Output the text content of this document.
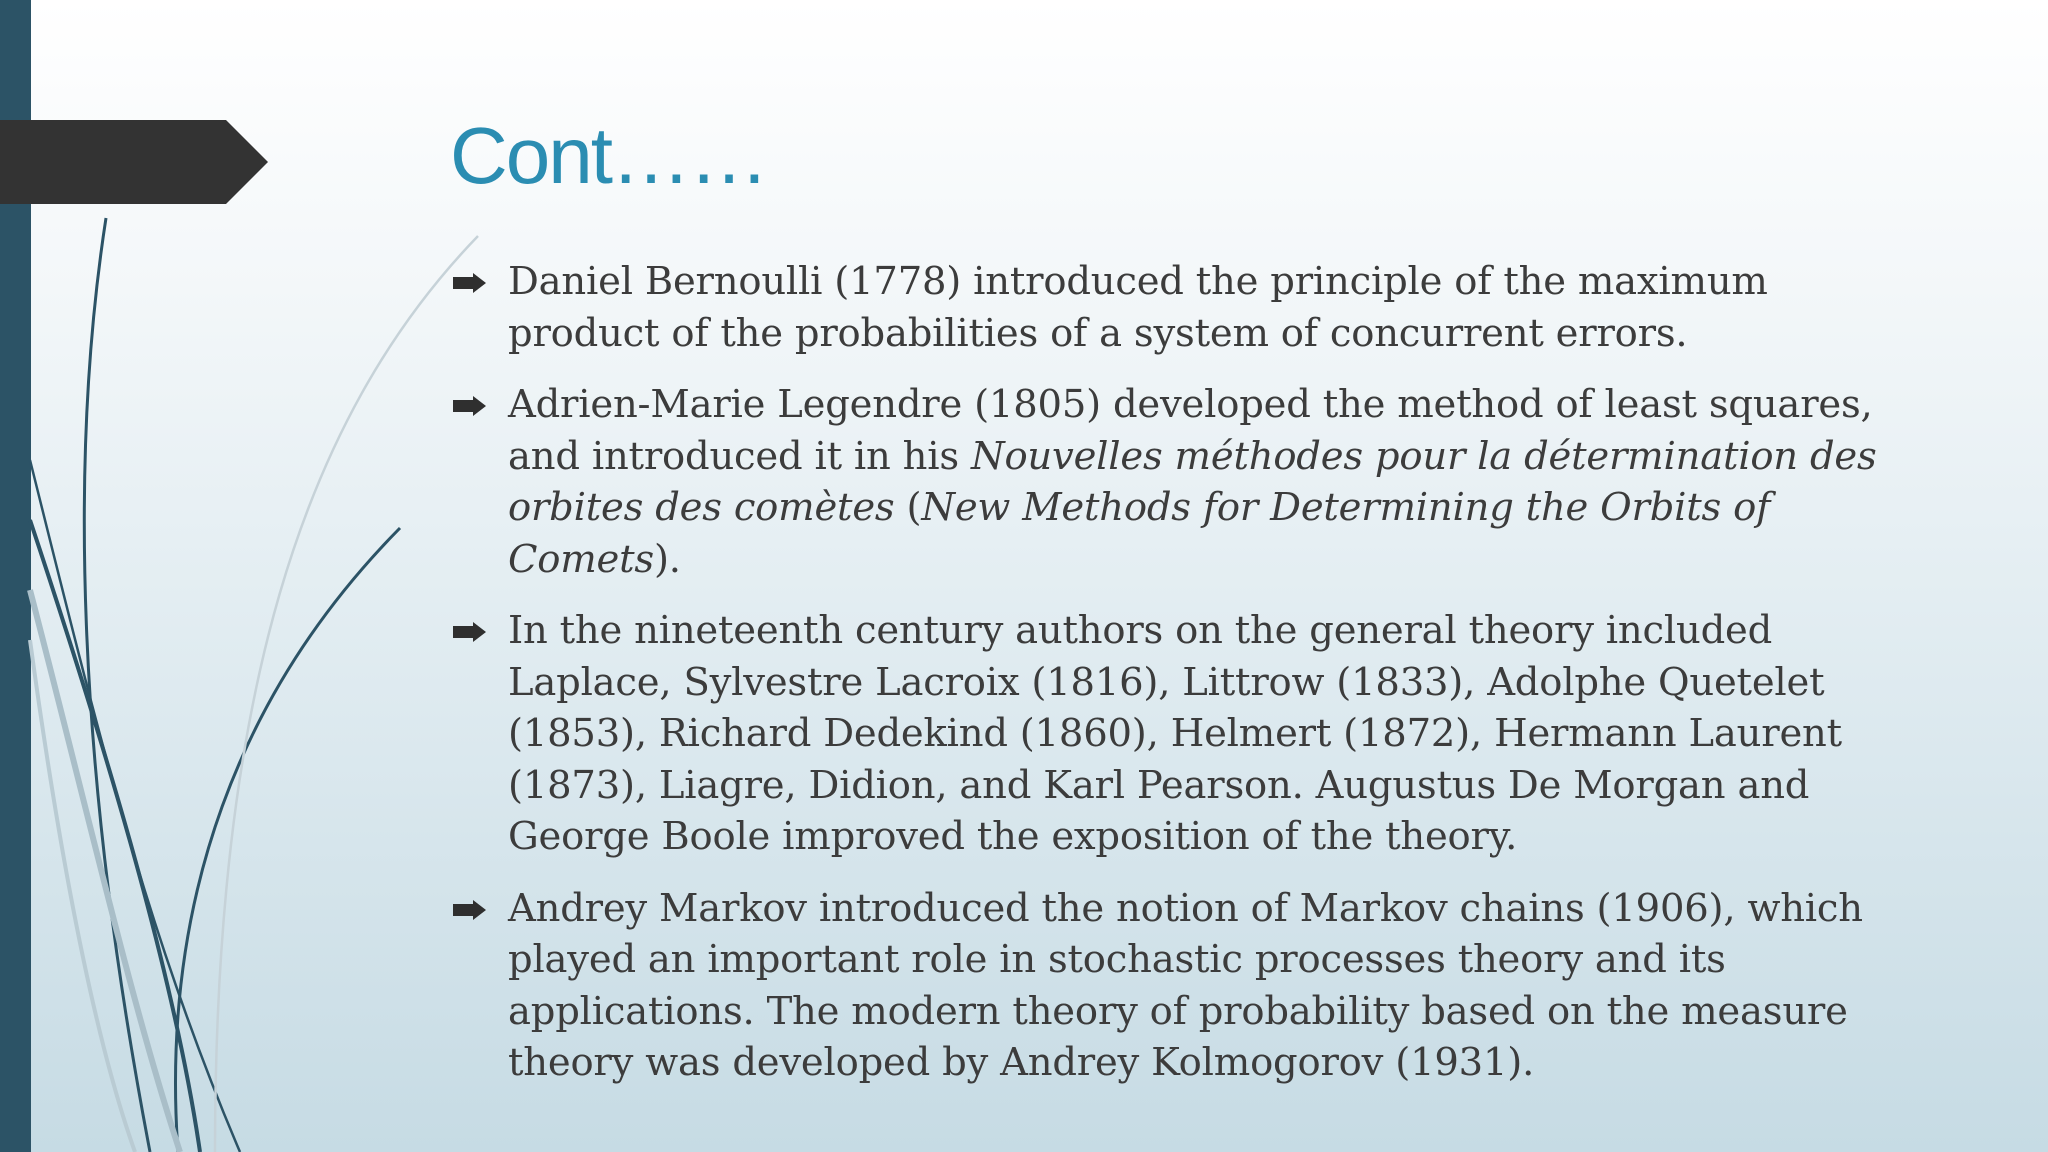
Cont……
Daniel Bernoulli (1778) introduced the principle of the maximum product of the probabilities of a system of concurrent errors.
Adrien-Marie Legendre (1805) developed the method of least squares, and introduced it in his Nouvelles méthodes pour la détermination des orbites des comètes (New Methods for Determining the Orbits of Comets).
In the nineteenth century authors on the general theory included Laplace, Sylvestre Lacroix (1816), Littrow (1833), Adolphe Quetelet (1853), Richard Dedekind (1860), Helmert (1872), Hermann Laurent (1873), Liagre, Didion, and Karl Pearson. Augustus De Morgan and George Boole improved the exposition of the theory.
Andrey Markov introduced the notion of Markov chains (1906), which played an important role in stochastic processes theory and its applications. The modern theory of probability based on the measure theory was developed by Andrey Kolmogorov (1931).
